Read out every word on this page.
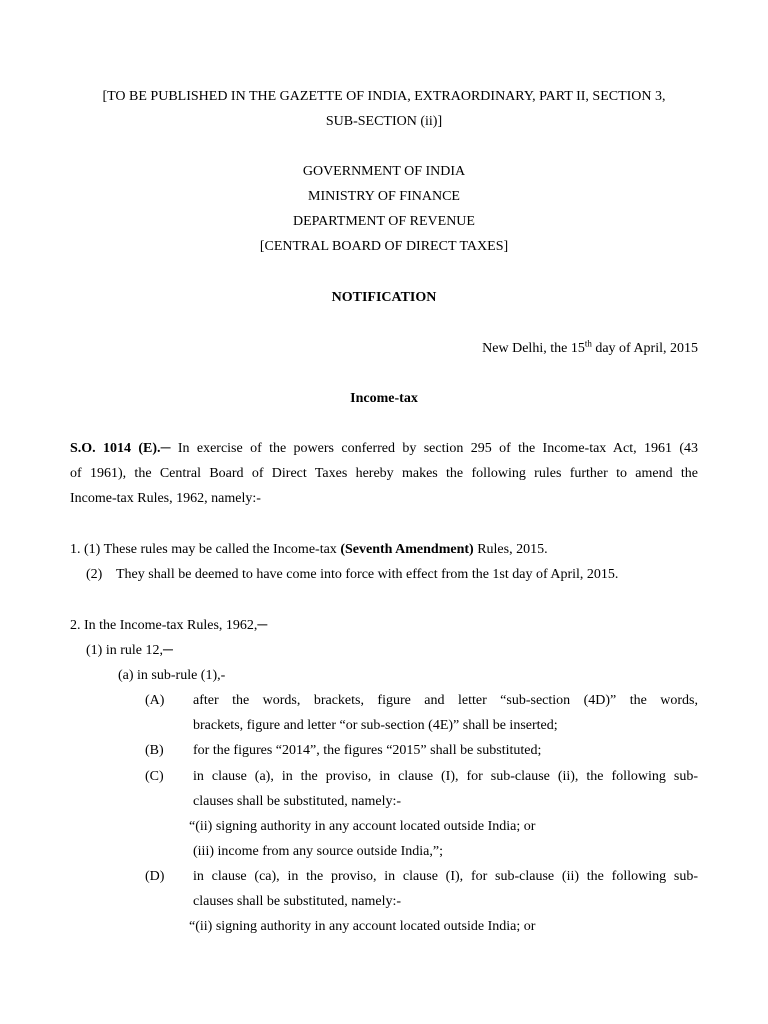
[TO BE PUBLISHED IN THE GAZETTE OF INDIA, EXTRAORDINARY, PART II, SECTION 3,
SUB-SECTION (ii)]
GOVERNMENT OF INDIA
MINISTRY OF FINANCE
DEPARTMENT OF REVENUE
[CENTRAL BOARD OF DIRECT TAXES]
NOTIFICATION
New Delhi, the 15th day of April, 2015
Income-tax
S.O. 1014 (E).─ In exercise of the powers conferred by section 295 of the Income-tax Act, 1961 (43
of 1961), the Central Board of Direct Taxes hereby makes the following rules further to amend the
Income-tax Rules, 1962, namely:-
1. (1) These rules may be called the Income-tax (Seventh Amendment) Rules, 2015.
(2) They shall be deemed to have come into force with effect from the 1st day of April, 2015.
2. In the Income-tax Rules, 1962,─
(1) in rule 12,─
(a) in sub-rule (1),-
(A) after the words, brackets, figure and letter “sub-section (4D)” the words,
brackets, figure and letter “or sub-section (4E)” shall be inserted;
(B) for the figures “2014”, the figures “2015” shall be substituted;
(C) in clause (a), in the proviso, in clause (I), for sub-clause (ii), the following sub-
clauses shall be substituted, namely:-
“(ii) signing authority in any account located outside India; or
(iii) income from any source outside India,”;
(D) in clause (ca), in the proviso, in clause (I), for sub-clause (ii) the following sub-
clauses shall be substituted, namely:-
“(ii) signing authority in any account located outside India; or
